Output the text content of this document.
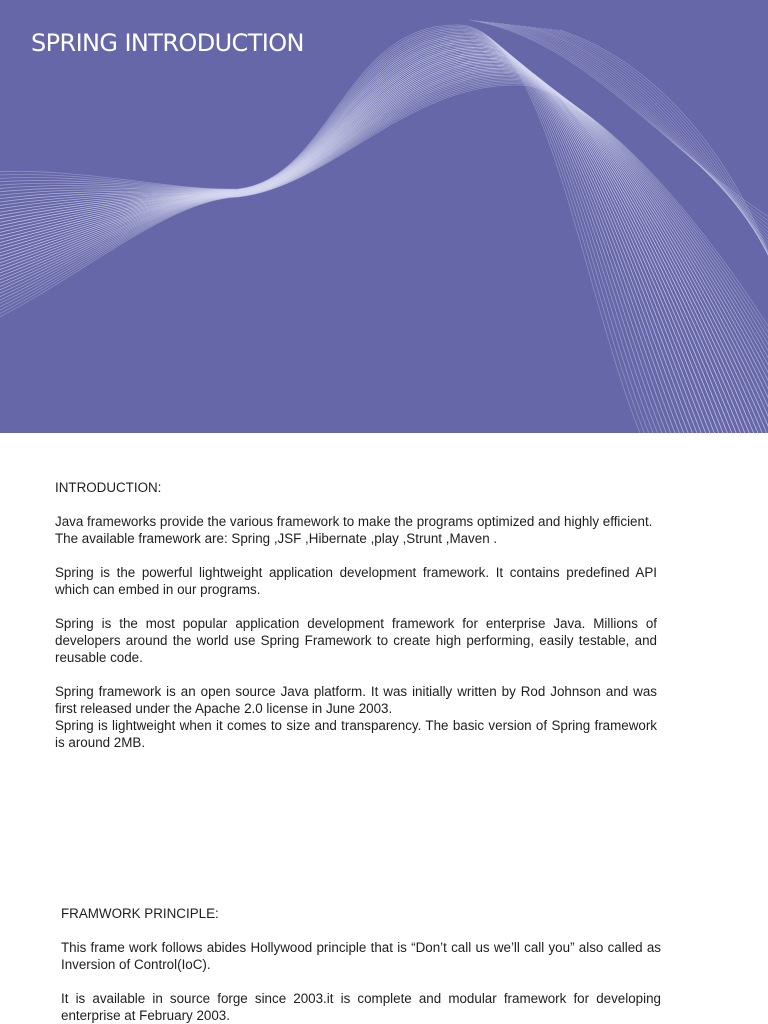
SPRING INTRODUCTION
INTRODUCTION:

Java frameworks provide the various framework to make the programs optimized and highly efficient.

The available framework are: Spring ,JSF ,Hibernate ,play ,Strunt ,Maven .

Spring is the powerful lightweight application development framework. It contains predefined API which can embed in our programs.

Spring is the most popular application development framework for enterprise Java. Millions of developers around the world use Spring Framework to create high performing, easily testable, and reusable code.

Spring framework is an open source Java platform. It was initially written by Rod Johnson and was first released under the Apache 2.0 license in June 2003.

Spring is lightweight when it comes to size and transparency. The basic version of Spring framework is around 2MB.

FRAMWORK PRINCIPLE:

This frame work follows abides Hollywood principle that is “Don’t call us we’ll call you” also called as Inversion of Control(IoC).

It is available in source forge since 2003.it is complete and modular framework for developing enterprise at February 2003.
